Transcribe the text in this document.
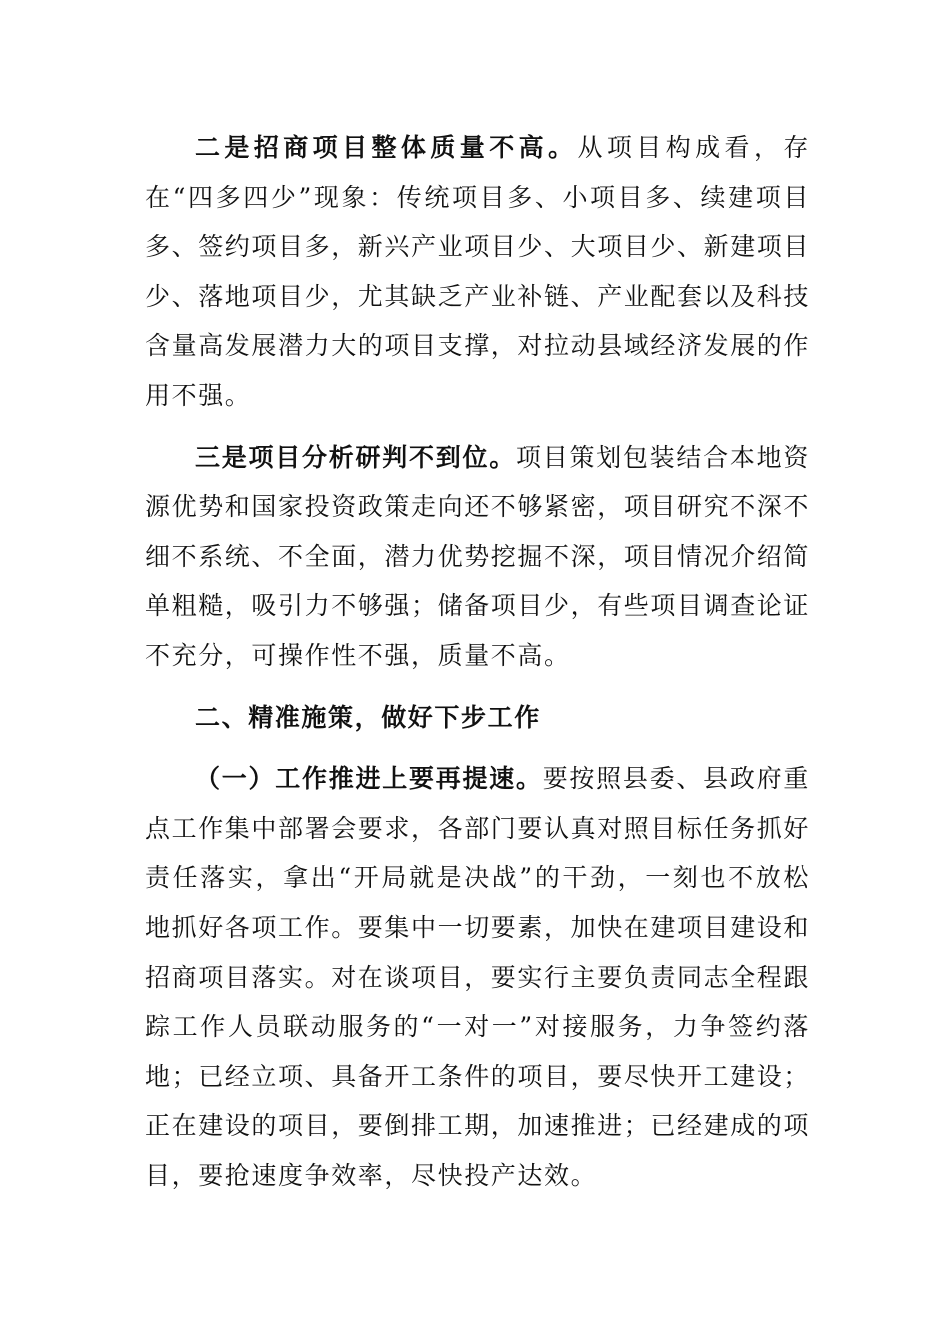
二是招商项目整体质量不高。从项目构成看，存在“四多四少”现象：传统项目多、小项目多、续建项目多、签约项目多，新兴产业项目少、大项目少、新建项目少、落地项目少，尤其缺乏产业补链、产业配套以及科技含量高发展潜力大的项目支撑，对拉动县域经济发展的作用不强。

三是项目分析研判不到位。项目策划包装结合本地资源优势和国家投资政策走向还不够紧密，项目研究不深不细不系统、不全面，潜力优势挖掘不深，项目情况介绍简单粗糙，吸引力不够强；储备项目少，有些项目调查论证不充分，可操作性不强，质量不高。

二、精准施策，做好下步工作

（一）工作推进上要再提速。要按照县委、县政府重点工作集中部署会要求，各部门要认真对照目标任务抓好责任落实，拿出“开局就是决战”的干劲，一刻也不放松地抓好各项工作。要集中一切要素，加快在建项目建设和招商项目落实。对在谈项目，要实行主要负责同志全程跟踪工作人员联动服务的“一对一”对接服务，力争签约落地；已经立项、具备开工条件的项目，要尽快开工建设；正在建设的项目，要倒排工期，加速推进；已经建成的项目，要抢速度争效率，尽快投产达效。
